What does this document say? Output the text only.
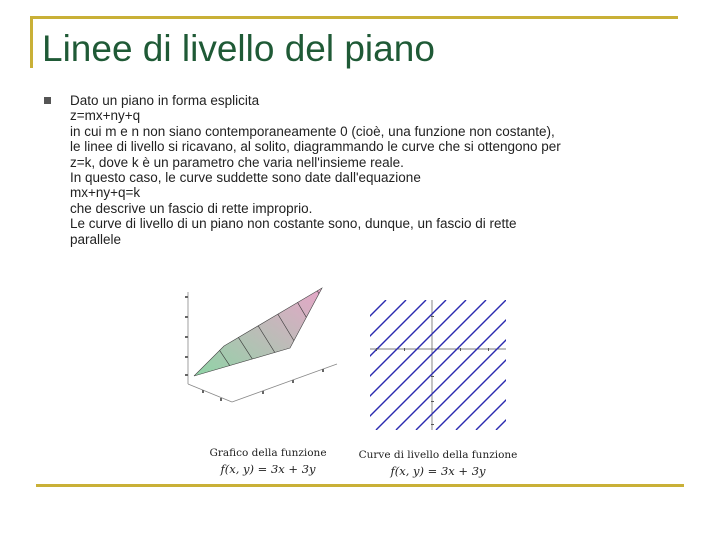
Linee di livello del piano
Dato un piano in forma esplicita
z=mx+ny+q
in cui m e n non siano contemporaneamente 0 (cioè, una funzione non costante),
le linee di livello si ricavano, al solito, diagrammando le curve che si ottengono per
z=k, dove k è un parametro che varia nell'insieme reale.
In questo caso, le curve suddette sono date dall'equazione
mx+ny+q=k
che descrive un fascio di rette improprio.
Le curve di livello di un piano non costante sono, dunque, un fascio di rette
parallele
Grafico della funzione
f(x, y) = 3x + 3y
Curve di livello della funzione
f(x, y) = 3x + 3y
